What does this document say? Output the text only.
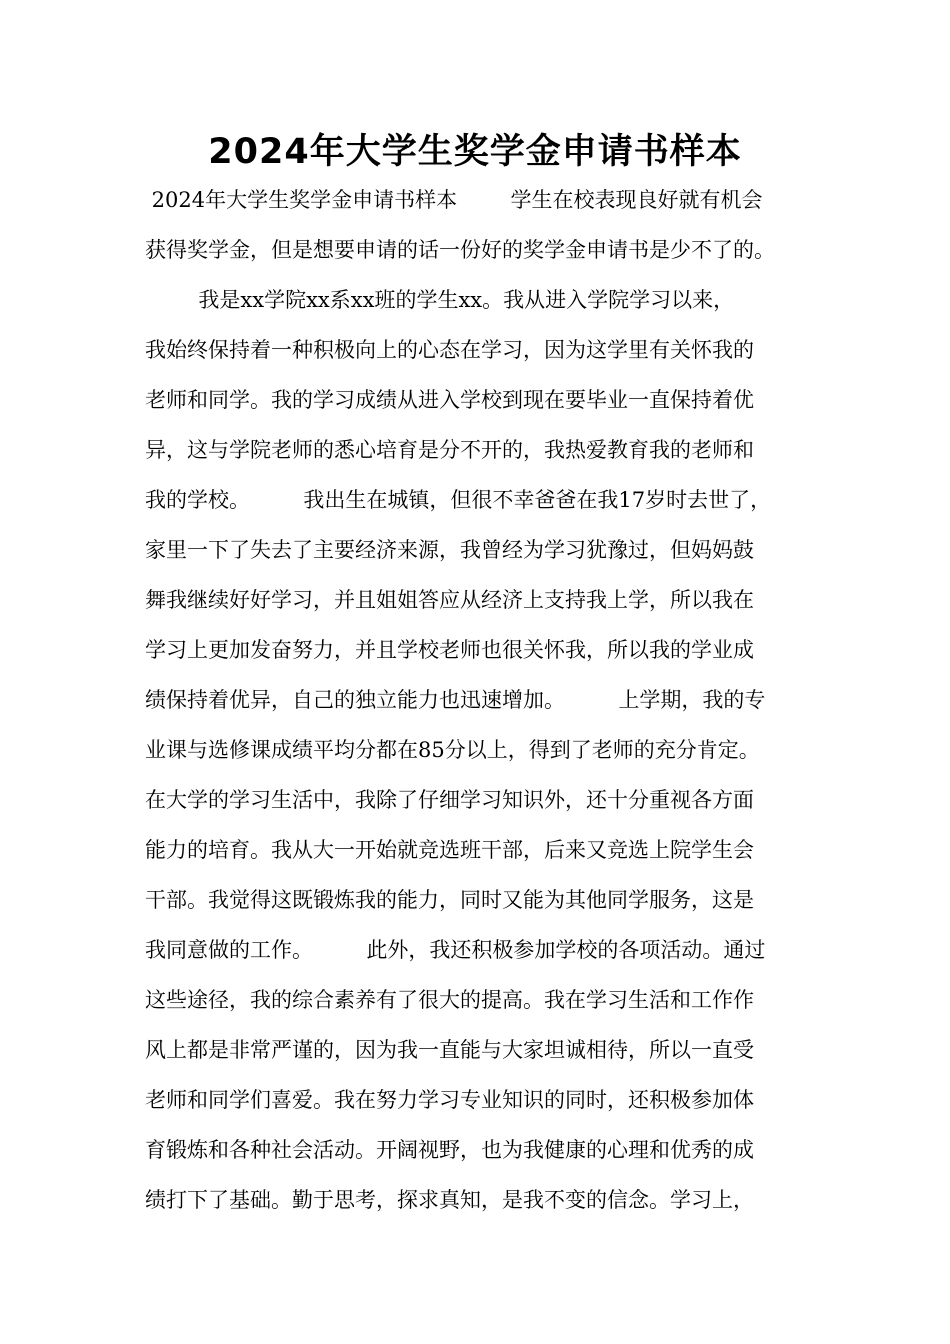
2024年大学生奖学金申请书样本
2024年大学生奖学金申请书样本        学生在校表现良好就有机会
获得奖学金，但是想要申请的话一份好的奖学金申请书是少不了的。
我是xx学院xx系xx班的学生xx。我从进入学院学习以来，
我始终保持着一种积极向上的心态在学习，因为这学里有关怀我的
老师和同学。我的学习成绩从进入学校到现在要毕业一直保持着优
异，这与学院老师的悉心培育是分不开的，我热爱教育我的老师和
我的学校。        我出生在城镇，但很不幸爸爸在我17岁时去世了，
家里一下了失去了主要经济来源，我曾经为学习犹豫过，但妈妈鼓
舞我继续好好学习，并且姐姐答应从经济上支持我上学，所以我在
学习上更加发奋努力，并且学校老师也很关怀我，所以我的学业成
绩保持着优异，自己的独立能力也迅速增加。        上学期，我的专
业课与选修课成绩平均分都在85分以上，得到了老师的充分肯定。
在大学的学习生活中，我除了仔细学习知识外，还十分重视各方面
能力的培育。我从大一开始就竞选班干部，后来又竞选上院学生会
干部。我觉得这既锻炼我的能力，同时又能为其他同学服务，这是
我同意做的工作。        此外，我还积极参加学校的各项活动。通过
这些途径，我的综合素养有了很大的提高。我在学习生活和工作作
风上都是非常严谨的，因为我一直能与大家坦诚相待，所以一直受
老师和同学们喜爱。我在努力学习专业知识的同时，还积极参加体
育锻炼和各种社会活动。开阔视野，也为我健康的心理和优秀的成
绩打下了基础。勤于思考，探求真知，是我不变的信念。学习上，
